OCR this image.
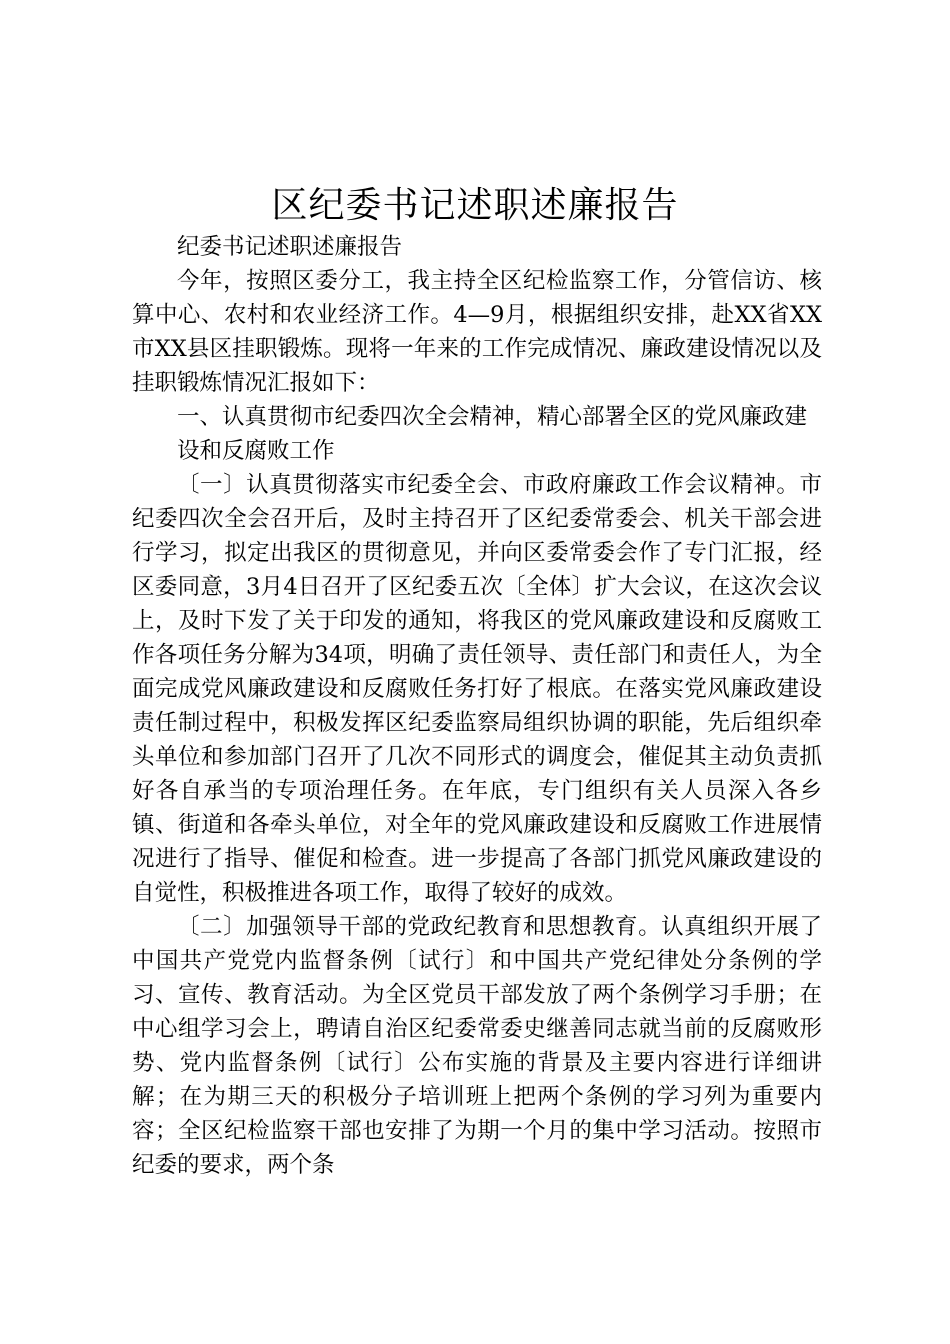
区纪委书记述职述廉报告

纪委书记述职述廉报告

今年，按照区委分工，我主持全区纪检监察工作，分管信访、核算中心、农村和农业经济工作。4—9月，根据组织安排，赴XX省XX市XX县区挂职锻炼。现将一年来的工作完成情况、廉政建设情况以及挂职锻炼情况汇报如下：

一、认真贯彻市纪委四次全会精神，精心部署全区的党风廉政建

设和反腐败工作

〔一〕认真贯彻落实市纪委全会、市政府廉政工作会议精神。市纪委四次全会召开后，及时主持召开了区纪委常委会、机关干部会进行学习，拟定出我区的贯彻意见，并向区委常委会作了专门汇报，经区委同意，3月4日召开了区纪委五次〔全体〕扩大会议，在这次会议上，及时下发了关于印发的通知，将我区的党风廉政建设和反腐败工作各项任务分解为34项，明确了责任领导、责任部门和责任人，为全面完成党风廉政建设和反腐败任务打好了根底。在落实党风廉政建设责任制过程中，积极发挥区纪委监察局组织协调的职能，先后组织牵头单位和参加部门召开了几次不同形式的调度会，催促其主动负责抓好各自承当的专项治理任务。在年底，专门组织有关人员深入各乡镇、街道和各牵头单位，对全年的党风廉政建设和反腐败工作进展情况进行了指导、催促和检查。进一步提高了各部门抓党风廉政建设的自觉性，积极推进各项工作，取得了较好的成效。

〔二〕加强领导干部的党政纪教育和思想教育。认真组织开展了中国共产党党内监督条例〔试行〕和中国共产党纪律处分条例的学习、宣传、教育活动。为全区党员干部发放了两个条例学习手册；在中心组学习会上，聘请自治区纪委常委史继善同志就当前的反腐败形势、党内监督条例〔试行〕公布实施的背景及主要内容进行详细讲解；在为期三天的积极分子培训班上把两个条例的学习列为重要内容；全区纪检监察干部也安排了为期一个月的集中学习活动。按照市纪委的要求，两个条
